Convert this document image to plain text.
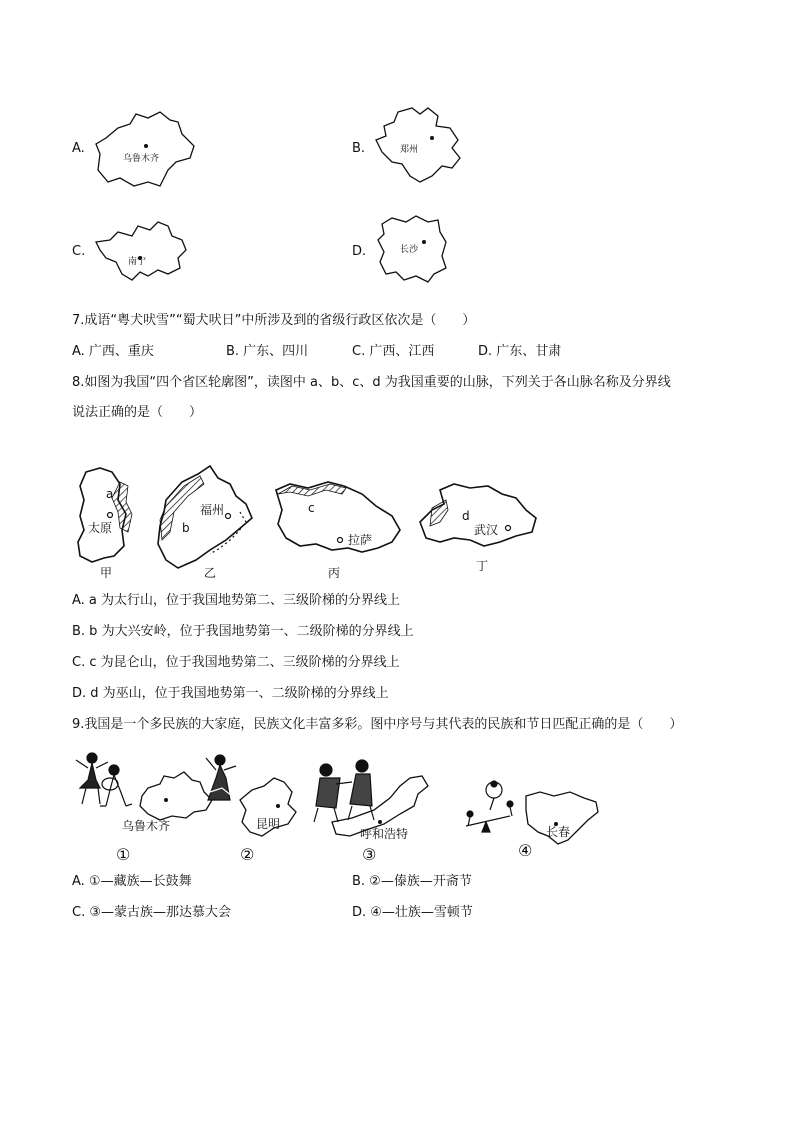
A.
乌鲁木齐
B.	郑州
C.
南宁
D.	长沙
7.成语“粤犬吠雪”“蜀犬吠日”中所涉及到的省级行政区依次是（　　）
A. 广西、重庆	B. 广东、四川	C. 广西、江西	D. 广东、甘肃
8.如图为我国“四个省区轮廓图”，读图中 a、b、c、d 为我国重要的山脉，下列关于各山脉名称及分界线
说法正确的是（　　）
a
太原
甲
福州
b
乙
c
拉萨
丙
d
武汉
丁
A. a 为太行山，位于我国地势第二、三级阶梯的分界线上
B. b 为大兴安岭，位于我国地势第一、二级阶梯的分界线上
C. c 为昆仑山，位于我国地势第二、三级阶梯的分界线上
D. d 为巫山，位于我国地势第一、二级阶梯的分界线上
9.我国是一个多民族的大家庭，民族文化丰富多彩。图中序号与其代表的民族和节日匹配正确的是（　　）
乌鲁木齐
①
昆明
②
呼和浩特
③
长春
④
A. ①—藏族—长鼓舞	B. ②—傣族—开斋节
C. ③—蒙古族—那达慕大会	D. ④—壮族—雪顿节
